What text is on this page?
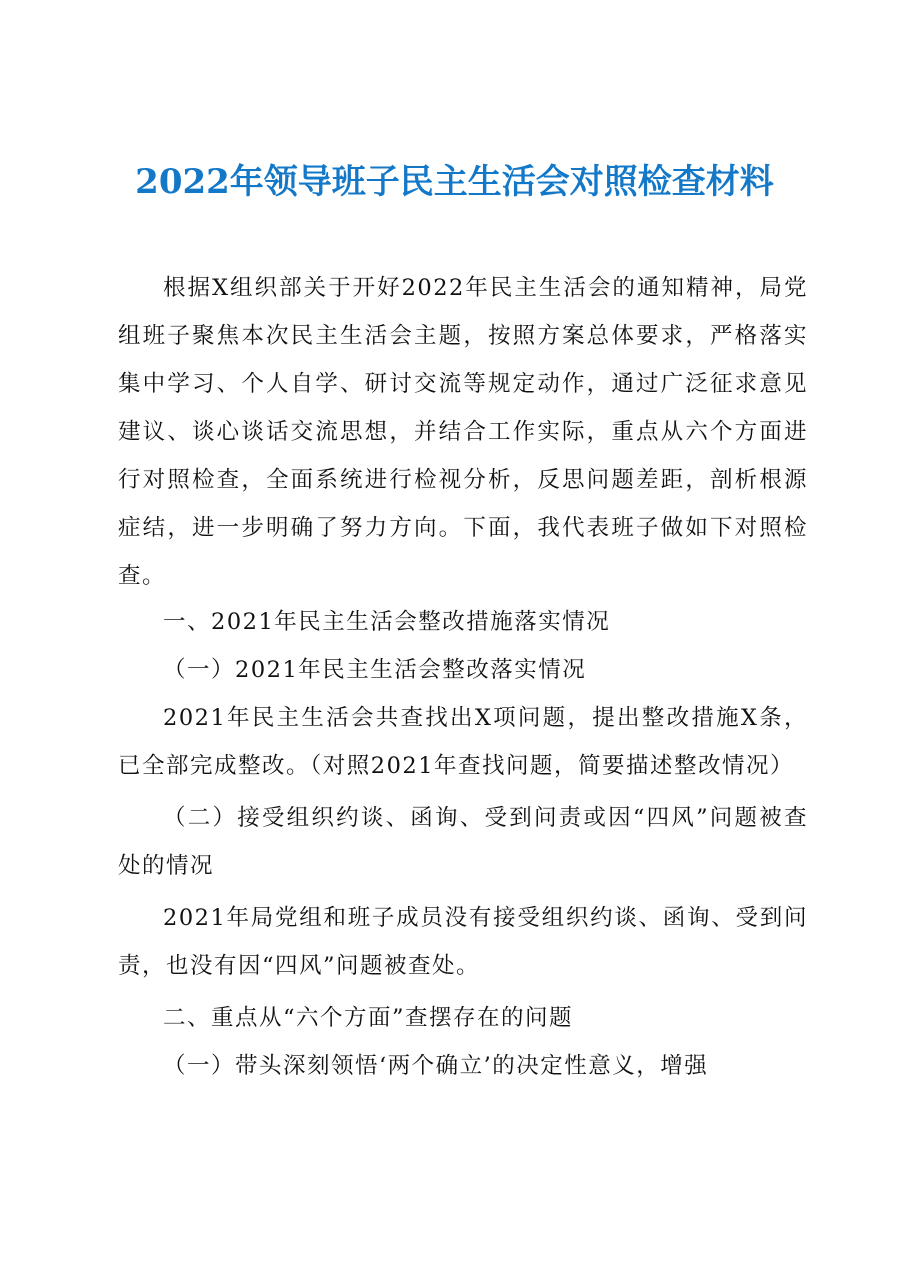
2022年领导班子民主生活会对照检查材料

根据X组织部关于开好2022年民主生活会的通知精神，局党组班子聚焦本次民主生活会主题，按照方案总体要求，严格落实集中学习、个人自学、研讨交流等规定动作，通过广泛征求意见建议、谈心谈话交流思想，并结合工作实际，重点从六个方面进行对照检查，全面系统进行检视分析，反思问题差距，剖析根源症结，进一步明确了努力方向。下面，我代表班子做如下对照检查。

一、2021年民主生活会整改措施落实情况

（一）2021年民主生活会整改落实情况

2021年民主生活会共查找出X项问题，提出整改措施X条，已全部完成整改。（对照2021年查找问题，简要描述整改情况）

（二）接受组织约谈、函询、受到问责或因“四风”问题被查处的情况

2021年局党组和班子成员没有接受组织约谈、函询、受到问责，也没有因“四风”问题被查处。

二、重点从“六个方面”查摆存在的问题

（一）带头深刻领悟‘两个确立’的决定性意义，增强
